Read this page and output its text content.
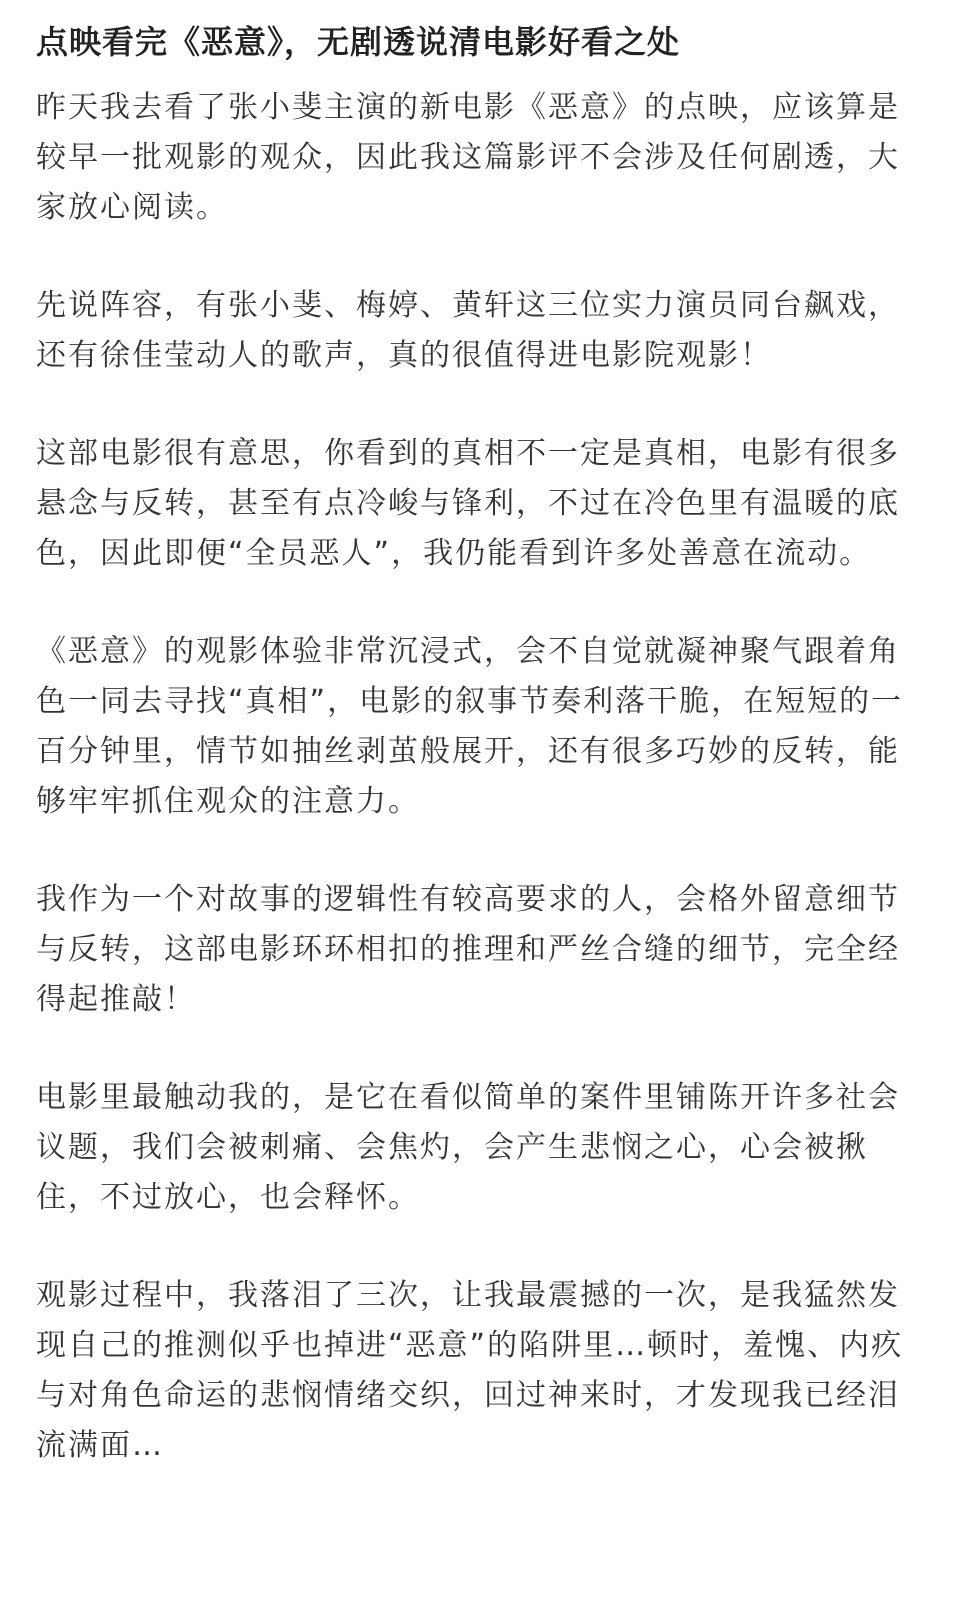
点映看完《恶意》，无剧透说清电影好看之处

昨天我去看了张小斐主演的新电影《恶意》的点映，应该算是较早一批观影的观众，因此我这篇影评不会涉及任何剧透，大家放心阅读。

先说阵容，有张小斐、梅婷、黄轩这三位实力演员同台飙戏，还有徐佳莹动人的歌声，真的很值得进电影院观影！

这部电影很有意思，你看到的真相不一定是真相，电影有很多悬念与反转，甚至有点冷峻与锋利，不过在冷色里有温暖的底色，因此即便“全员恶人”，我仍能看到许多处善意在流动。

《恶意》的观影体验非常沉浸式，会不自觉就凝神聚气跟着角色一同去寻找“真相”，电影的叙事节奏利落干脆，在短短的一百分钟里，情节如抽丝剥茧般展开，还有很多巧妙的反转，能够牢牢抓住观众的注意力。

我作为一个对故事的逻辑性有较高要求的人，会格外留意细节与反转，这部电影环环相扣的推理和严丝合缝的细节，完全经得起推敲！

电影里最触动我的，是它在看似简单的案件里铺陈开许多社会议题，我们会被刺痛、会焦灼，会产生悲悯之心，心会被揪住，不过放心，也会释怀。

观影过程中，我落泪了三次，让我最震撼的一次，是我猛然发现自己的推测似乎也掉进“恶意”的陷阱里…顿时，羞愧、内疚与对角色命运的悲悯情绪交织，回过神来时，才发现我已经泪流满面…
